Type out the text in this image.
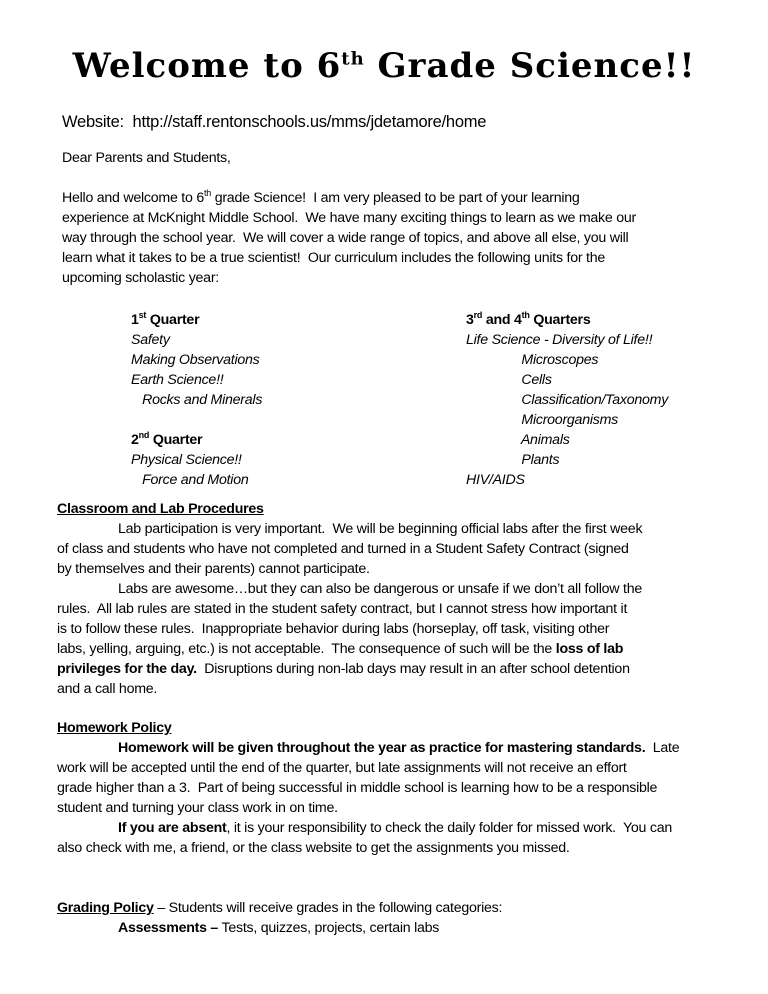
Welcome to 6th Grade Science!!
Website:  http://staff.rentonschools.us/mms/jdetamore/home
Dear Parents and Students,
Hello and welcome to 6th grade Science!  I am very pleased to be part of your learning
experience at McKnight Middle School.  We have many exciting things to learn as we make our
way through the school year.  We will cover a wide range of topics, and above all else, you will
learn what it takes to be a true scientist!  Our curriculum includes the following units for the
upcoming scholastic year:
1st Quarter
Safety
Making Observations
Earth Science!!
Rocks and Minerals
2nd Quarter
Physical Science!!
Force and Motion
3rd and 4th Quarters
Life Science - Diversity of Life!!
Microscopes
Cells
Classification/Taxonomy
Microorganisms
Animals
Plants
HIV/AIDS
Classroom and Lab Procedures
Lab participation is very important.  We will be beginning official labs after the first week
of class and students who have not completed and turned in a Student Safety Contract (signed
by themselves and their parents) cannot participate.
Labs are awesome…but they can also be dangerous or unsafe if we don’t all follow the
rules.  All lab rules are stated in the student safety contract, but I cannot stress how important it
is to follow these rules.  Inappropriate behavior during labs (horseplay, off task, visiting other
labs, yelling, arguing, etc.) is not acceptable.  The consequence of such will be the loss of lab
privileges for the day.  Disruptions during non-lab days may result in an after school detention
and a call home.
Homework Policy
Homework will be given throughout the year as practice for mastering standards.  Late
work will be accepted until the end of the quarter, but late assignments will not receive an effort
grade higher than a 3.  Part of being successful in middle school is learning how to be a responsible
student and turning your class work in on time.
If you are absent, it is your responsibility to check the daily folder for missed work.  You can
also check with me, a friend, or the class website to get the assignments you missed.
Grading Policy – Students will receive grades in the following categories:
Assessments – Tests, quizzes, projects, certain labs
